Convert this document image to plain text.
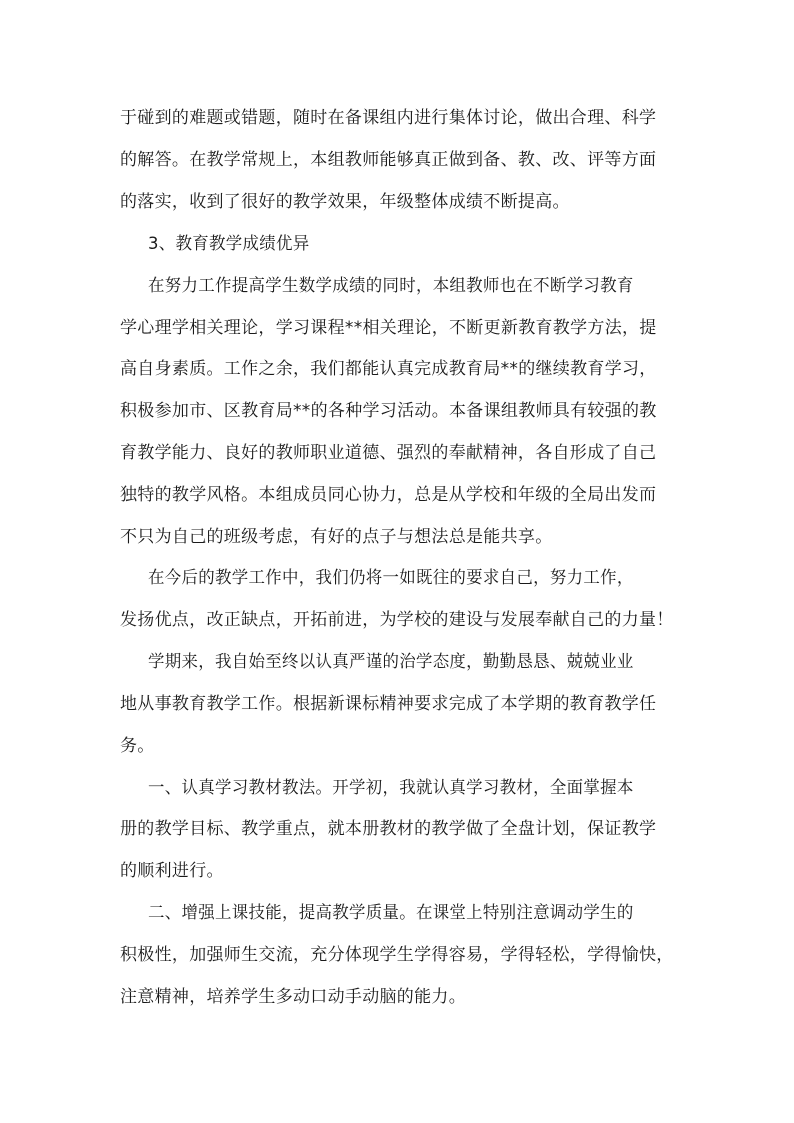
于碰到的难题或错题，随时在备课组内进行集体讨论，做出合理、科学
的解答。在教学常规上，本组教师能够真正做到备、教、改、评等方面
的落实，收到了很好的教学效果，年级整体成绩不断提高。
3、教育教学成绩优异
在努力工作提高学生数学成绩的同时，本组教师也在不断学习教育
学心理学相关理论，学习课程**相关理论，不断更新教育教学方法，提
高自身素质。工作之余，我们都能认真完成教育局**的继续教育学习，
积极参加市、区教育局**的各种学习活动。本备课组教师具有较强的教
育教学能力、良好的教师职业道德、强烈的奉献精神，各自形成了自己
独特的教学风格。本组成员同心协力，总是从学校和年级的全局出发而
不只为自己的班级考虑，有好的点子与想法总是能共享。
在今后的教学工作中，我们仍将一如既往的要求自己，努力工作，
发扬优点，改正缺点，开拓前进，为学校的建设与发展奉献自己的力量！
学期来，我自始至终以认真严谨的治学态度，勤勤恳恳、兢兢业业
地从事教育教学工作。根据新课标精神要求完成了本学期的教育教学任
务。
一、认真学习教材教法。开学初，我就认真学习教材，全面掌握本
册的教学目标、教学重点，就本册教材的教学做了全盘计划，保证教学
的顺利进行。
二、增强上课技能，提高教学质量。在课堂上特别注意调动学生的
积极性，加强师生交流，充分体现学生学得容易，学得轻松，学得愉快，
注意精神，培养学生多动口动手动脑的能力。
